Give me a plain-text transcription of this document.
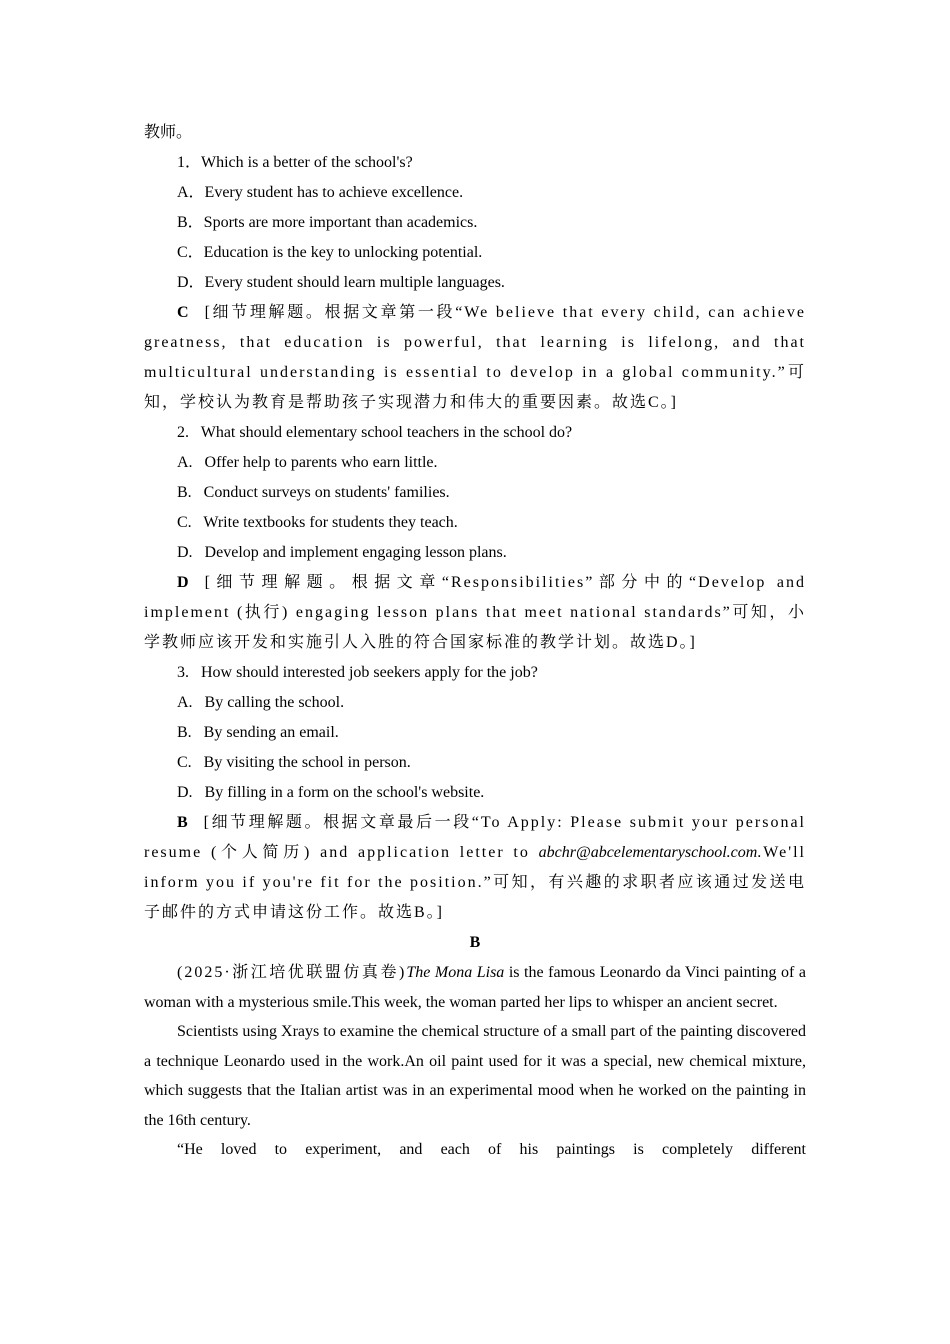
教师。

1．Which is a better of the school's?

A．Every student has to achieve excellence.

B．Sports are more important than academics.

C．Education is the key to unlocking potential.

D．Every student should learn multiple languages.

C [细节理解题。根据文章第一段“We believe that every child, can achieve greatness, that education is powerful, that learning is lifelong, and that multicultural understanding is essential to develop in a global community.”可知，学校认为教育是帮助孩子实现潜力和伟大的重要因素。故选C。]

2.   What should elementary school teachers in the school do?

A.   Offer help to parents who earn little.

B.   Conduct surveys on students' families.

C.   Write textbooks for students they teach.

D.   Develop and implement engaging lesson plans.

D [细节理解题。根据文章“Responsibilities”部分中的“Develop and implement (执行) engaging lesson plans that meet national standards”可知，小学教师应该开发和实施引人入胜的符合国家标准的教学计划。故选D。]

3.   How should interested job seekers apply for the job?

A.   By calling the school.

B.   By sending an email.

C.   By visiting the school in person.

D.   By filling in a form on the school's website.

B [细节理解题。根据文章最后一段“To Apply: Please submit your personal resume (个人简历) and application letter to abchr@abcelementaryschool.com.We'll inform you if you're fit for the position.”可知，有兴趣的求职者应该通过发送电子邮件的方式申请这份工作。故选B。]

B

(2025·浙江培优联盟仿真卷)The Mona Lisa is the famous Leonardo da Vinci painting of a woman with a mysterious smile.This week, the woman parted her lips to whisper an ancient secret.

Scientists using Xrays to examine the chemical structure of a small part of the painting discovered a technique Leonardo used in the work.An oil paint used for it was a special, new chemical mixture, which suggests that the Italian artist was in an experimental mood when he worked on the painting in the 16th century.

“He loved to experiment, and each of his paintings is completely different
